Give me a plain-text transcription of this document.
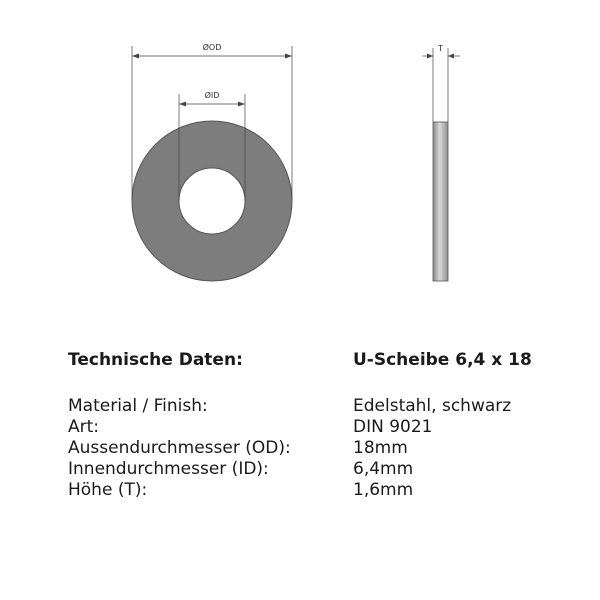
ØOD
ØID
T
Technische Daten:	U-Scheibe 6,4 x 18
Material / Finish:	Edelstahl, schwarz
Art:	DIN 9021
Aussendurchmesser (OD):	18mm
Innendurchmesser (ID):	6,4mm
Höhe (T):	1,6mm
